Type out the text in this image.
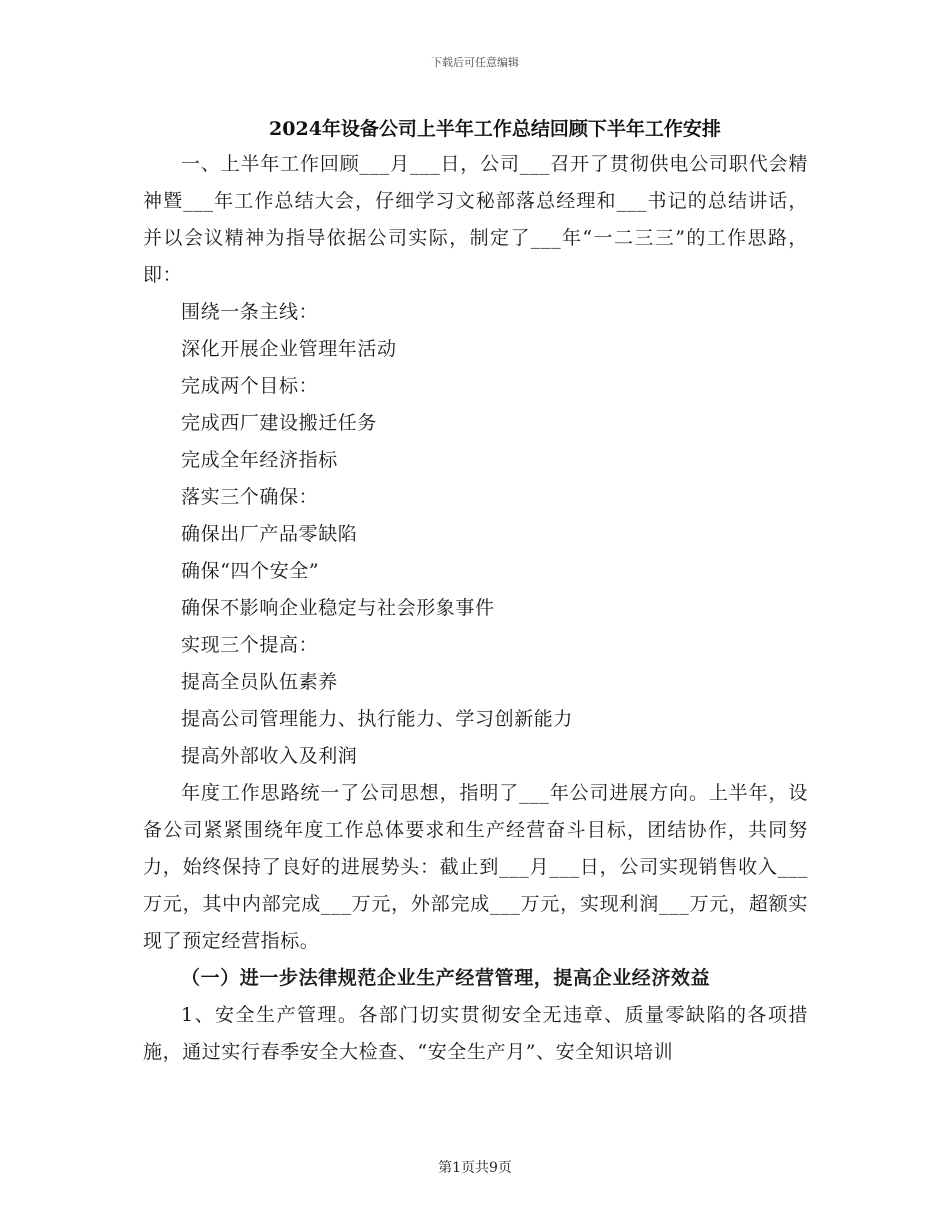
下载后可任意编辑
2024年设备公司上半年工作总结回顾下半年工作安排

一、上半年工作回顾___月___日，公司___召开了贯彻供电公司职代会精神暨___年工作总结大会，仔细学习文秘部落总经理和___书记的总结讲话，并以会议精神为指导依据公司实际，制定了___年“一二三三”的工作思路，即：

围绕一条主线：

深化开展企业管理年活动

完成两个目标：

完成西厂建设搬迁任务

完成全年经济指标

落实三个确保：

确保出厂产品零缺陷

确保“四个安全”

确保不影响企业稳定与社会形象事件

实现三个提高：

提高全员队伍素养

提高公司管理能力、执行能力、学习创新能力

提高外部收入及利润

年度工作思路统一了公司思想，指明了___年公司进展方向。上半年，设备公司紧紧围绕年度工作总体要求和生产经营奋斗目标，团结协作，共同努力，始终保持了良好的进展势头：截止到___月___日，公司实现销售收入___万元，其中内部完成___万元，外部完成___万元，实现利润___万元，超额实现了预定经营指标。

（一）进一步法律规范企业生产经营管理，提高企业经济效益

1、安全生产管理。各部门切实贯彻安全无违章、质量零缺陷的各项措施，通过实行春季安全大检查、“安全生产月”、安全知识培训

第1页共9页
